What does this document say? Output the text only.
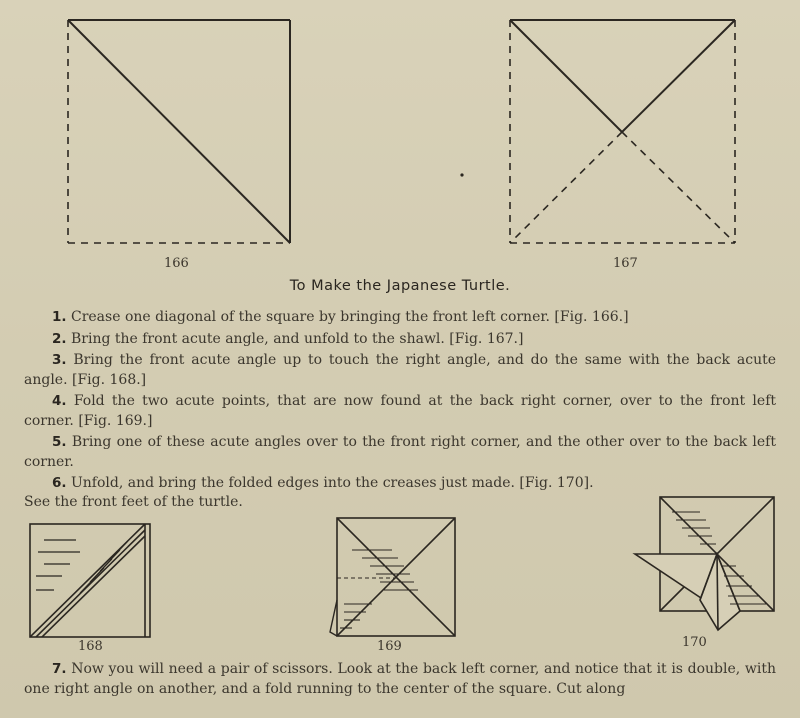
166	167
168	169	170
To Make the Japanese Turtle.
1. Crease one diagonal of the square by bringing the front left corner. [Fig. 166.]
2. Bring the front acute angle, and unfold to the shawl. [Fig. 167.]
3. Bring the front acute angle up to touch the right angle, and do the same with the back acute angle. [Fig. 168.]
4. Fold the two acute points, that are now found at the back right corner, over to the front left corner. [Fig. 169.]
5. Bring one of these acute angles over to the front right corner, and the other over to the back left corner.
6. Unfold, and bring the folded edges into the creases just made. [Fig. 170].
See the front feet of the turtle.
7. Now you will need a pair of scissors. Look at the back left corner, and notice that it is double, with one right angle on another, and a fold running to the center of the square. Cut along
